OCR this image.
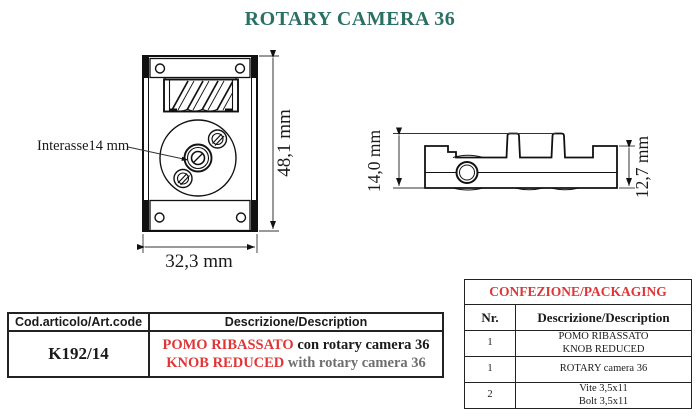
ROTARY CAMERA 36
48,1 mm
32,3 mm
Interasse14 mm	14,0 mm	12,7 mm
Cod.articolo/Art.code	Descrizione/Description
K192/14	POMO RIBASSATO con rotary camera 36
KNOB REDUCED with rotary camera 36
CONFEZIONE/PACKAGING	
Nr.	Descrizione/Description
1	POMO RIBASSATO
KNOB REDUCED

1	ROTARY camera 36

2	Vite 3,5x11
Bolt 3,5x11
